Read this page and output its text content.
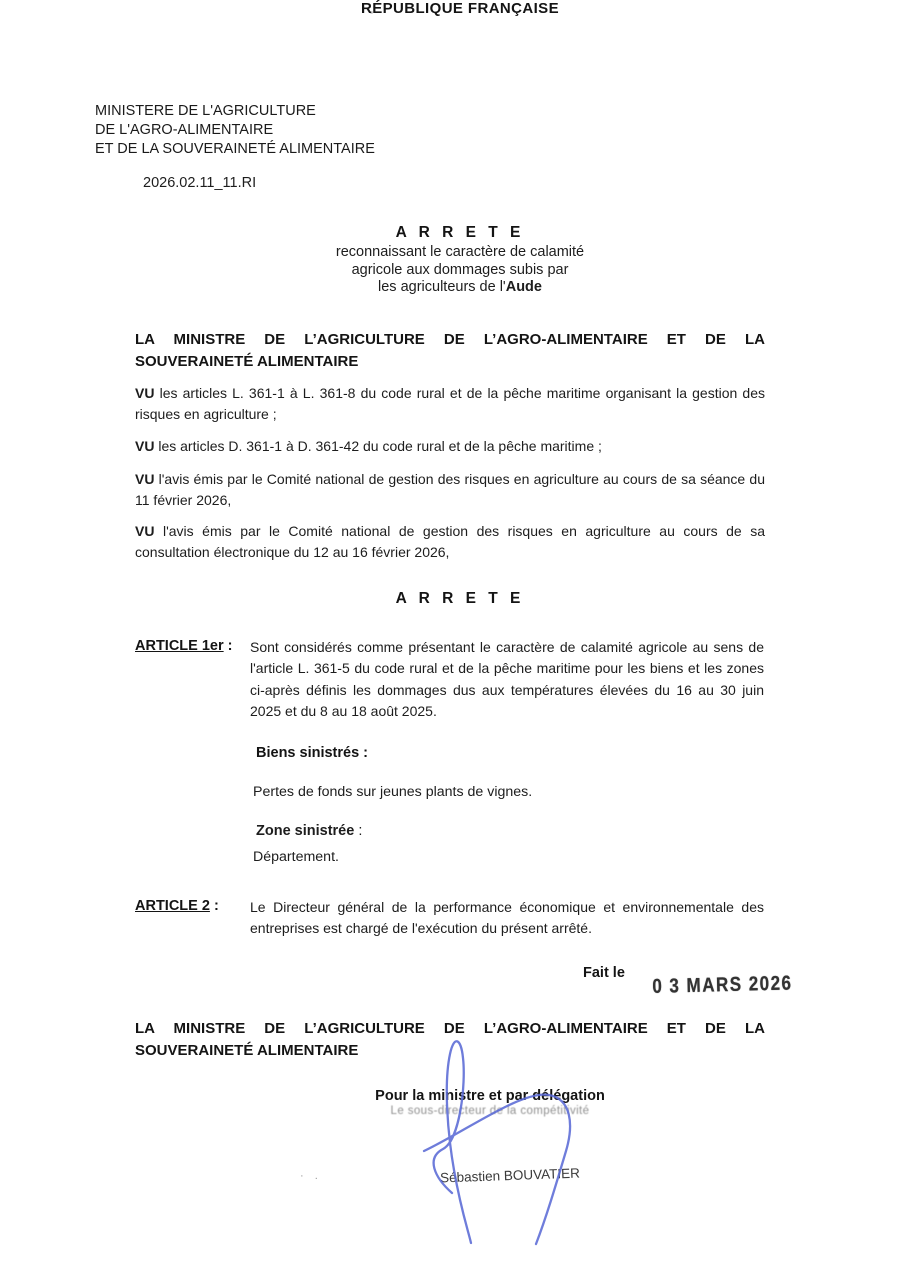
RÉPUBLIQUE FRANÇAISE
MINISTERE DE L'AGRICULTURE
DE L'AGRO-ALIMENTAIRE
ET DE LA SOUVERAINETÉ ALIMENTAIRE
2026.02.11_11.RI
A R R E T E
reconnaissant le caractère de calamité
agricole aux dommages subis par
les agriculteurs de l'Aude
LA MINISTRE DE L’AGRICULTURE DE L’AGRO-ALIMENTAIRE ET DE LA SOUVERAINETÉ ALIMENTAIRE

VU les articles L. 361-1 à L. 361-8 du code rural et de la pêche maritime organisant la gestion des risques en agriculture ;

VU les articles D. 361-1 à D. 361-42 du code rural et de la pêche maritime ;

VU l'avis émis par le Comité national de gestion des risques en agriculture au cours de sa séance du 11 février 2026,

VU l'avis émis par le Comité national de gestion des risques en agriculture au cours de sa consultation électronique du 12 au 16 février 2026,

A R R E T E
ARTICLE 1er : Sont considérés comme présentant le caractère de calamité agricole au sens de l'article L. 361-5 du code rural et de la pêche maritime pour les biens et les zones ci-après définis les dommages dus aux températures élevées du 16 au 30 juin 2025 et du 8 au 18 août 2025.
Biens sinistrés :
Pertes de fonds sur jeunes plants de vignes.
Zone sinistrée :
Département.
ARTICLE 2 : Le Directeur général de la performance économique et environnementale des entreprises est chargé de l'exécution du présent arrêté.
Fait le 0 3 MARS 2026
LA MINISTRE DE L’AGRICULTURE DE L’AGRO-ALIMENTAIRE ET DE LA SOUVERAINETÉ ALIMENTAIRE
Pour la ministre et par délégation
Le sous-directeur de la compétitivité
· .	Sébastien BOUVATIER
